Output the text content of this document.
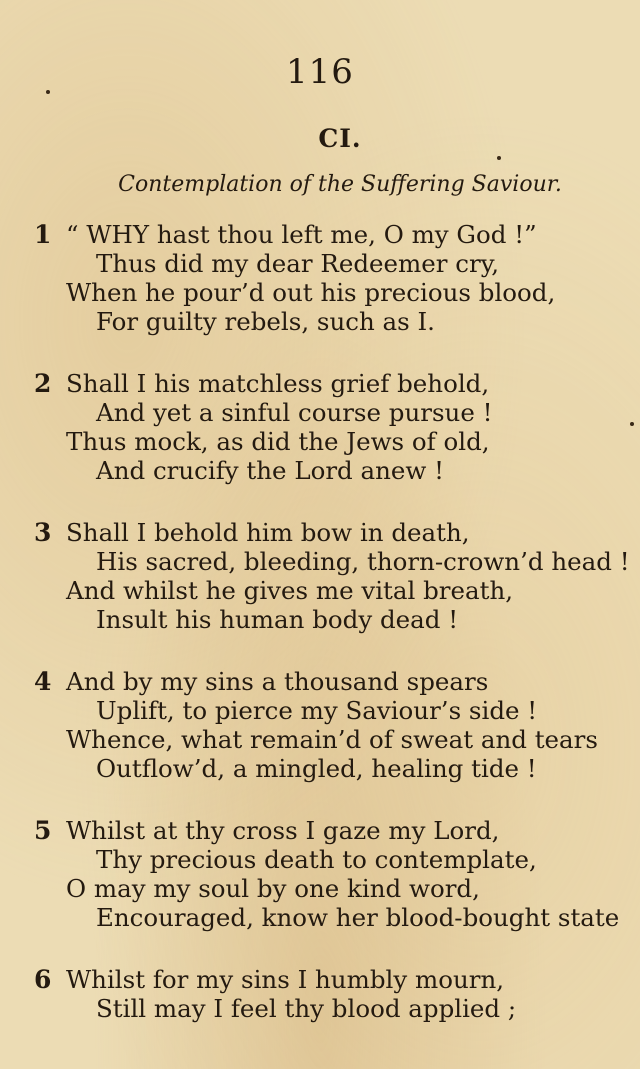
116
CI.
Contemplation of the Suffering Saviour.
1 “ WHY hast thou left me, O my God !”
Thus did my dear Redeemer cry,
When he pour’d out his precious blood,
For guilty rebels, such as I.
2 Shall I his matchless grief behold,
And yet a sinful course pursue !
Thus mock, as did the Jews of old,
And crucify the Lord anew !
3 Shall I behold him bow in death,
His sacred, bleeding, thorn-crown’d head !
And whilst he gives me vital breath,
Insult his human body dead !
4 And by my sins a thousand spears
Uplift, to pierce my Saviour’s side !
Whence, what remain’d of sweat and tears
Outflow’d, a mingled, healing tide !
5 Whilst at thy cross I gaze my Lord,
Thy precious death to contemplate,
O may my soul by one kind word,
Encouraged, know her blood-bought state
6 Whilst for my sins I humbly mourn,
Still may I feel thy blood applied ;
